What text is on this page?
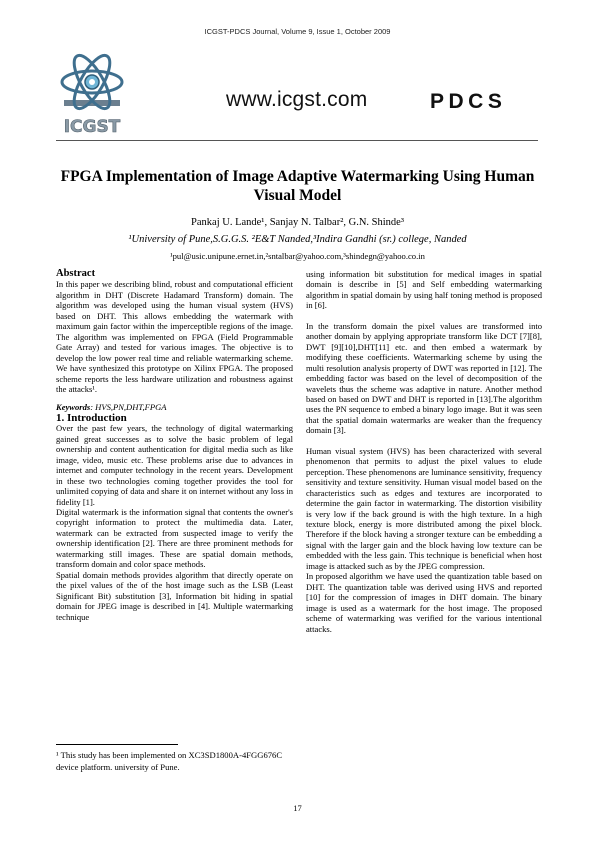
ICGST-PDCS Journal, Volume 9, Issue 1, October 2009
ICGST
www.icgst.com	PDCS
FPGA Implementation of Image Adaptive Watermarking Using Human Visual Model
Pankaj U. Lande¹, Sanjay N. Talbar², G.N. Shinde³
¹University of Pune,S.G.G.S. ²E&T Nanded,³Indira Gandhi (sr.) college, Nanded
¹pul@usic.unipune.ernet.in,²sntalbar@yahoo.com,³shindegn@yahoo.co.in

Abstract

In this paper we describing blind, robust and computational efficient algorithm in DHT (Discrete Hadamard Transform) domain. The algorithm was developed using the human visual system (HVS) based on DHT. This allows embedding the watermark with maximum gain factor within the imperceptible regions of the image. The algorithm was implemented on FPGA (Field Programmable Gate Array) and tested for various images. The objective is to develop the low power real time and reliable watermarking scheme. We have synthesized this prototype on Xilinx FPGA. The proposed scheme reports the less hardware utilization and robustness against the attacks¹.

Keywords: HVS,PN,DHT,FPGA

1. Introduction

Over the past few years, the technology of digital watermarking gained great successes as to solve the basic problem of legal ownership and content authentication for digital media such as like image, video, music etc. These problems arise due to advances in internet and computer technology in the recent years. Development in these two technologies coming together provides the tool for unlimited copying of data and share it on internet without any loss in fidelity [1].

Digital watermark is the information signal that contents the owner's copyright information to protect the multimedia data. Later, watermark can be extracted from suspected image to verify the ownership identification [2]. There are three prominent methods for watermarking still images. These are spatial domain methods, transform domain and color space methods.

Spatial domain methods provides algorithm that directly operate on the pixel values of the of the host image such as the LSB (Least Significant Bit) substitution [3], Information bit hiding in spatial domain for JPEG image is described in [4]. Multiple watermarking technique

using information bit substitution for medical images in spatial domain is describe in [5] and Self embedding watermarking algorithm in spatial domain by using half toning method is proposed in [6].

In the transform domain the pixel values are transformed into another domain by applying appropriate transform like DCT [7][8], DWT [9][10],DHT[11] etc. and then embed a watermark by modifying these coefficients. Watermarking scheme by using the multi resolution analysis property of DWT was reported in [12]. The embedding factor was based on the level of decomposition of the wavelets thus the scheme was adaptive in nature. Another method based on based on DWT and DHT is reported in [13].The algorithm uses the PN sequence to embed a binary logo image. But it was seen that the spatial domain watermarks are weaker than the frequency domain [3].

Human visual system (HVS) has been characterized with several phenomenon that permits to adjust the pixel values to elude perception. These phenomenons are luminance sensitivity, frequency sensitivity and texture sensitivity. Human visual model based on the characteristics such as edges and textures are incorporated to determine the gain factor in watermarking. The distortion visibility is very low if the back ground is with the high texture. In a high texture block, energy is more distributed among the pixel block. Therefore if the block having a stronger texture can be embedding a signal with the larger gain and the block having low texture can be embedded with the less gain. This technique is beneficial when host image is attacked such as by the JPEG compression.

In proposed algorithm we have used the quantization table based on DHT. The quantization table was derived using HVS and reported [10] for the compression of images in DHT domain. The binary image is used as a watermark for the host image. The proposed scheme of watermarking was verified for the various intentional attacks.

¹ This study has been implemented on XC3SD1800A-4FGG676C device platform. university of Pune.
17
